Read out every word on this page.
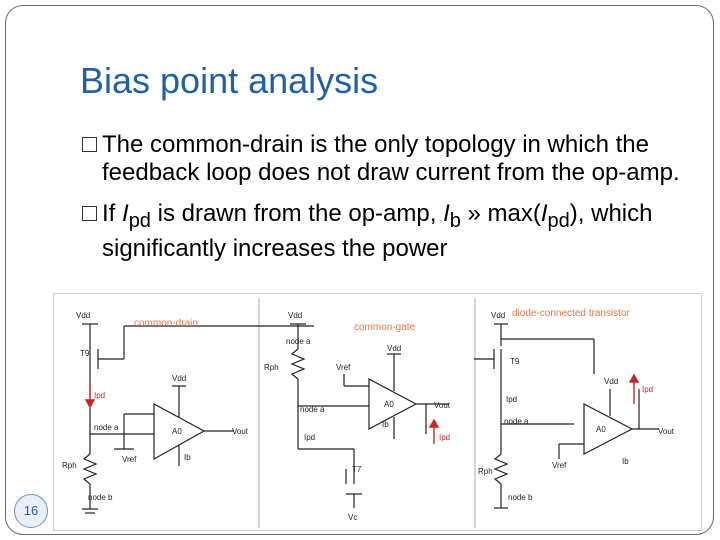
Bias point analysis
The common-drain is the only topology in which the feedback loop does not draw current from the op-amp.
If $I_{pd}$ is drawn from the op-amp, $I_b$ » $\max(I_{pd})$, which significantly increases the power
common-drain	common-gate
diode-connected transistor
Vdd
T9
Ipd
node a
Vdd
A0	Vout
Vref
Rph
Ib
node b
Vdd
node a
Rph	Vref
Vdd
A0	Vout
node a
Ipd	Ipd
Ib
T7
Vc
Vdd
T9
Ipd
Ipd
node a
Vdd
A0	Vout
Vref	Ib
Rph
node b
16
